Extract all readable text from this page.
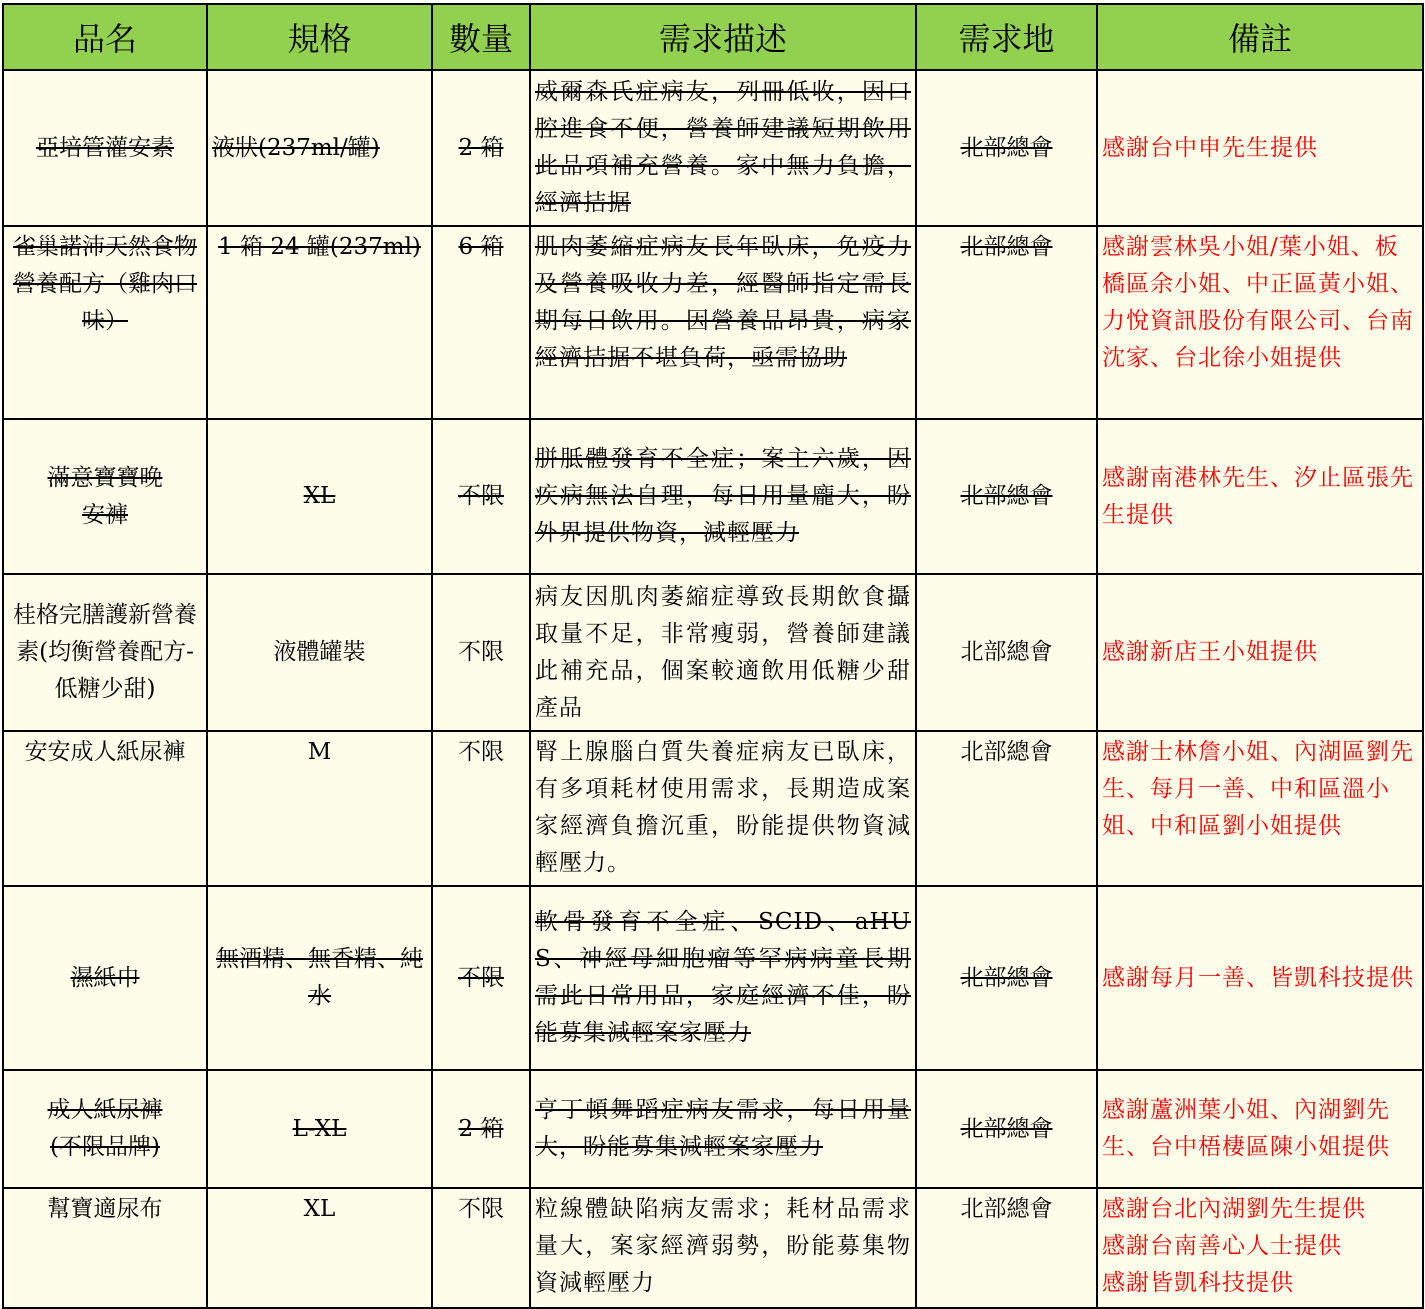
品名	規格	數量	需求描述	需求地	備註
亞培管灌安素	液狀(237ml/罐)	2 箱	威爾森氏症病友，列冊低收，因口腔進食不便，營養師建議短期飲用此品項補充營養。家中無力負擔，經濟拮据	北部總會	感謝台中申先生提供
雀巢諾沛天然食物營養配方（雞肉口味）	1 箱 24 罐(237ml)	6 箱	肌肉萎縮症病友長年臥床，免疫力及營養吸收力差，經醫師指定需長期每日飲用。因營養品昂貴，病家經濟拮据不堪負荷，亟需協助	北部總會	感謝雲林吳小姐/葉小姐、板橋區余小姐、中正區黃小姐、力悅資訊股份有限公司、台南沈家、台北徐小姐提供
滿意寶寶晚安褲	XL	不限	胼胝體發育不全症；案主六歲，因疾病無法自理，每日用量龐大，盼外界提供物資，減輕壓力	北部總會	感謝南港林先生、汐止區張先生提供
桂格完膳護新營養素(均衡營養配方-低糖少甜)	液體罐裝	不限	病友因肌肉萎縮症導致長期飲食攝取量不足，非常瘦弱，營養師建議此補充品，個案較適飲用低糖少甜產品	北部總會	感謝新店王小姐提供
安安成人紙尿褲	M	不限	腎上腺腦白質失養症病友已臥床，有多項耗材使用需求，長期造成案家經濟負擔沉重，盼能提供物資減輕壓力。	北部總會	感謝士林詹小姐、內湖區劉先生、每月一善、中和區溫小姐、中和區劉小姐提供
濕紙巾	無酒精、無香精、純水	不限	軟骨發育不全症、SCID、aHUS、神經母細胞瘤等罕病病童長期需此日常用品，家庭經濟不佳，盼能募集減輕案家壓力	北部總會	感謝每月一善、皆凱科技提供
成人紙尿褲(不限品牌)	L-XL	2 箱	亨丁頓舞蹈症病友需求，每日用量大，盼能募集減輕案家壓力	北部總會	感謝蘆洲葉小姐、內湖劉先生、台中梧棲區陳小姐提供
幫寶適尿布	XL	不限	粒線體缺陷病友需求；耗材品需求量大，案家經濟弱勢，盼能募集物資減輕壓力	北部總會	感謝台北內湖劉先生提供
感謝台南善心人士提供
感謝皆凱科技提供
